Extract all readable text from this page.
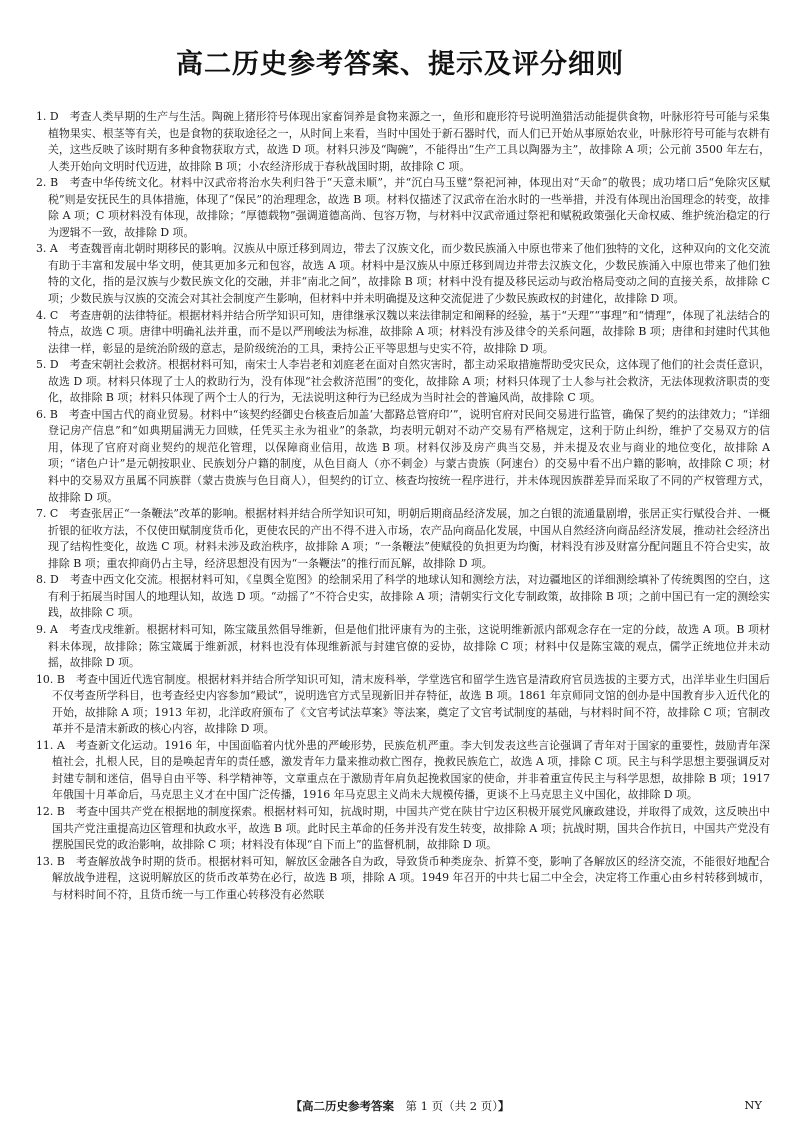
高二历史参考答案、提示及评分细则

1. D　考查人类早期的生产与生活。陶碗上猪形符号体现出家畜饲养是食物来源之一，鱼形和鹿形符号说明渔猎活动能提供食物，叶脉形符号可能与采集植物果实、根茎等有关，也是食物的获取途径之一，从时间上来看，当时中国处于新石器时代，而人们已开始从事原始农业，叶脉形符号可能与农耕有关，这些反映了该时期有多种食物获取方式，故选 D 项。材料只涉及“陶碗”，不能得出“生产工具以陶器为主”，故排除 A 项；公元前 3500 年左右，人类开始向文明时代迈进，故排除 B 项；小农经济形成于春秋战国时期，故排除 C 项。

2. B　考查中华传统文化。材料中汉武帝将治水失利归咎于“天意未顺”，并“沉白马玉璧”祭祀河神，体现出对“天命”的敬畏；成功堵口后“免除灾区赋税”则是安抚民生的具体措施，体现了“保民”的治理理念，故选 B 项。材料仅描述了汉武帝在治水时的一些举措，并没有体现出治国理念的转变，故排除 A 项；C 项材料没有体现，故排除；“厚德载物”强调道德高尚、包容万物，与材料中汉武帝通过祭祀和赋税政策强化天命权威、维护统治稳定的行为逻辑不一致，故排除 D 项。

3. A　考查魏晋南北朝时期移民的影响。汉族从中原迁移到周边，带去了汉族文化，而少数民族涌入中原也带来了他们独特的文化，这种双向的文化交流有助于丰富和发展中华文明，使其更加多元和包容，故选 A 项。材料中是汉族从中原迁移到周边并带去汉族文化，少数民族涌入中原也带来了他们独特的文化，指的是汉族与少数民族文化的交融，并非“南北之间”，故排除 B 项；材料中没有提及移民运动与政治格局变动之间的直接关系，故排除 C 项；少数民族与汉族的交流会对其社会制度产生影响，但材料中并未明确提及这种交流促进了少数民族政权的封建化，故排除 D 项。

4. C　考查唐朝的法律特征。根据材料并结合所学知识可知，唐律继承汉魏以来法律制定和阐释的经验，基于“天理”“事理”和“情理”，体现了礼法结合的特点，故选 C 项。唐律中明确礼法并重，而不是以严刑峻法为标准，故排除 A 项；材料没有涉及律令的关系问题，故排除 B 项；唐律和封建时代其他法律一样，彰显的是统治阶级的意志，是阶级统治的工具，秉持公正平等思想与史实不符，故排除 D 项。

5. D　考查宋朝社会救济。根据材料可知，南宋士人李岩老和刘庭老在面对自然灾害时，都主动采取措施帮助受灾民众，这体现了他们的社会责任意识，故选 D 项。材料只体现了士人的救助行为，没有体现“社会救济范围”的变化，故排除 A 项；材料只体现了士人参与社会救济，无法体现救济职责的变化，故排除 B 项；材料只体现了两个士人的行为，无法说明这种行为已经成为当时社会的普遍风尚，故排除 C 项。

6. B　考查中国古代的商业贸易。材料中“该契约经御史台核查后加盖‘大都路总管府印’”，说明官府对民间交易进行监管，确保了契约的法律效力；“详细登记房产信息”和“如典期届满无力回赎，任凭买主永为祖业”的条款，均表明元朝对不动产交易有严格规定，这利于防止纠纷，维护了交易双方的信用，体现了官府对商业契约的规范化管理，以保障商业信用，故选 B 项。材料仅涉及房产典当交易，并未提及农业与商业的地位变化，故排除 A 项；“诸色户计”是元朝按职业、民族划分户籍的制度，从色目商人（亦不剌金）与蒙古贵族（阿速台）的交易中看不出户籍的影响，故排除 C 项；材料中的交易双方虽属不同族群（蒙古贵族与色目商人），但契约的订立、核查均按统一程序进行，并未体现因族群差异而采取了不同的产权管理方式，故排除 D 项。

7. C　考查张居正“一条鞭法”改革的影响。根据材料并结合所学知识可知，明朝后期商品经济发展，加之白银的流通量剧增，张居正实行赋役合并、一概折银的征收方法，不仅使田赋制度货币化，更使农民的产出不得不进入市场，农产品向商品化发展，中国从自然经济向商品经济发展，推动社会经济出现了结构性变化，故选 C 项。材料未涉及政治秩序，故排除 A 项；“一条鞭法”使赋役的负担更为均衡，材料没有涉及财富分配问题且不符合史实，故排除 B 项；重农抑商仍占主导，经济思想没有因为“一条鞭法”的推行而瓦解，故排除 D 项。

8. D　考查中西文化交流。根据材料可知，《皇舆全览图》的绘制采用了科学的地球认知和测绘方法，对边疆地区的详细测绘填补了传统舆图的空白，这有利于拓展当时国人的地理认知，故选 D 项。“动摇了”不符合史实，故排除 A 项；清朝实行文化专制政策，故排除 B 项；之前中国已有一定的测绘实践，故排除 C 项。

9. A　考查戊戌维新。根据材料可知，陈宝箴虽然倡导维新，但是他们批评康有为的主张，这说明维新派内部观念存在一定的分歧，故选 A 项。B 项材料未体现，故排除；陈宝箴属于维新派，材料也没有体现维新派与封建官僚的妥协，故排除 C 项；材料中仅是陈宝箴的观点，儒学正统地位并未动摇，故排除 D 项。

10. B　考查中国近代选官制度。根据材料并结合所学知识可知，清末废科举，学堂选官和留学生选官是清政府官员选拔的主要方式，出洋毕业生归国后不仅考查所学科目，也考查经史内容参加“殿试”，说明选官方式呈现新旧并存特征，故选 B 项。1861 年京师同文馆的创办是中国教育步入近代化的开始，故排除 A 项；1913 年初，北洋政府颁布了《文官考试法草案》等法案，奠定了文官考试制度的基础，与材料时间不符，故排除 C 项；官制改革并不是清末新政的核心内容，故排除 D 项。

11. A　考查新文化运动。1916 年，中国面临着内忧外患的严峻形势，民族危机严重。李大钊发表这些言论强调了青年对于国家的重要性，鼓励青年深植社会，扎根人民，目的是唤起青年的责任感，激发青年力量来推动救亡图存，挽救民族危亡，故选 A 项，排除 C 项。民主与科学思想主要强调反对封建专制和迷信，倡导自由平等、科学精神等，文章重点在于激励青年肩负起挽救国家的使命，并非着重宣传民主与科学思想，故排除 B 项；1917 年俄国十月革命后，马克思主义才在中国广泛传播，1916 年马克思主义尚未大规模传播，更谈不上马克思主义中国化，故排除 D 项。

12. B　考查中国共产党在根据地的制度探索。根据材料可知，抗战时期，中国共产党在陕甘宁边区积极开展党风廉政建设，并取得了成效，这反映出中国共产党注重提高边区管理和执政水平，故选 B 项。此时民主革命的任务并没有发生转变，故排除 A 项；抗战时期，国共合作抗日，中国共产党没有摆脱国民党的政治影响，故排除 C 项；材料没有体现“自下而上”的监督机制，故排除 D 项。

13. B　考查解放战争时期的货币。根据材料可知，解放区金融各自为政，导致货币种类庞杂、折算不变，影响了各解放区的经济交流，不能很好地配合解放战争进程，这说明解放区的货币改革势在必行，故选 B 项，排除 A 项。1949 年召开的中共七届二中全会，决定将工作重心由乡村转移到城市，与材料时间不符，且货币统一与工作重心转移没有必然联

【高二历史参考答案  第 1 页（共 2 页）】	NY
